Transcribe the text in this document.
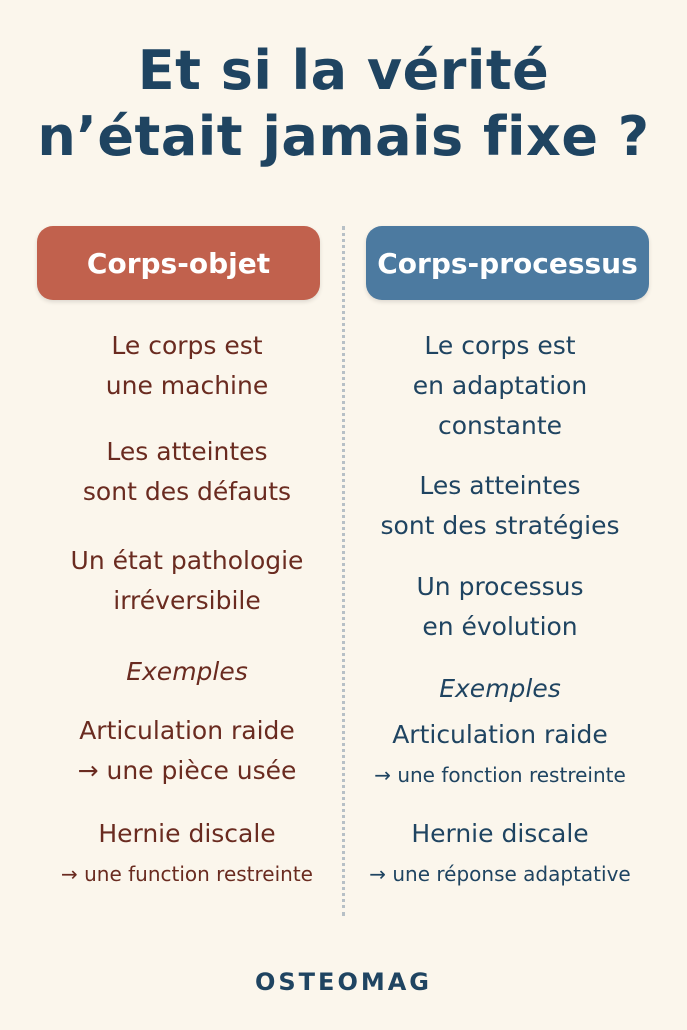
Et si la vérité
n’était jamais fixe ?
Corps-objet	Corps-processus
Le corps est
une machine
Les atteintes
sont des défauts
Un état pathologie
irréversibile
Exemples
Articulation raide
→ une pièce usée
Hernie discale
→ une function restreinte
Le corps est
en adaptation
constante
Les atteintes
sont des stratégies
Un processus
en évolution
Exemples
Articulation raide
→ une fonction restreinte
Hernie discale
→ une réponse adaptative
OSTEOMAG
